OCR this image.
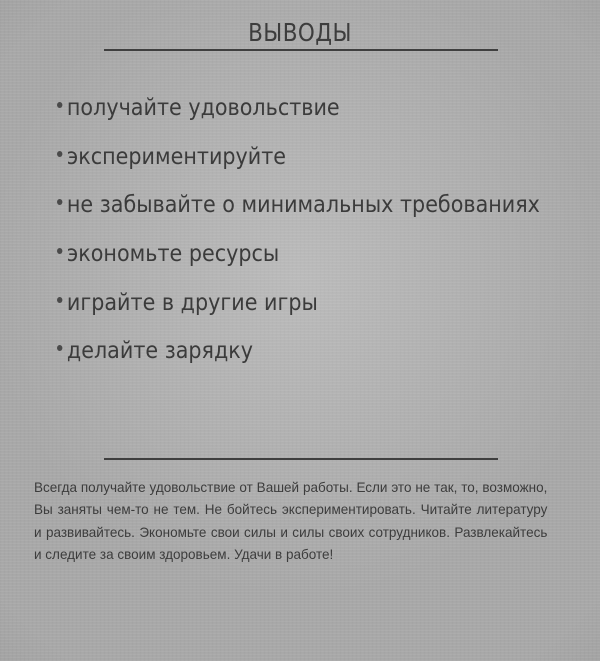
ВЫВОДЫ
получайте удовольствие
экспериментируйте
не забывайте о минимальных требованиях
экономьте ресурсы
играйте в другие игры
делайте зарядку

Всегда получайте удовольствие от Вашей работы. Если это не так, то, возможно, Вы заняты чем-то не тем. Не бойтесь экспериментировать. Читайте литературу и развивайтесь. Экономьте свои силы и силы своих сотрудников. Развлекайтесь и следите за своим здоровьем. Удачи в работе!
